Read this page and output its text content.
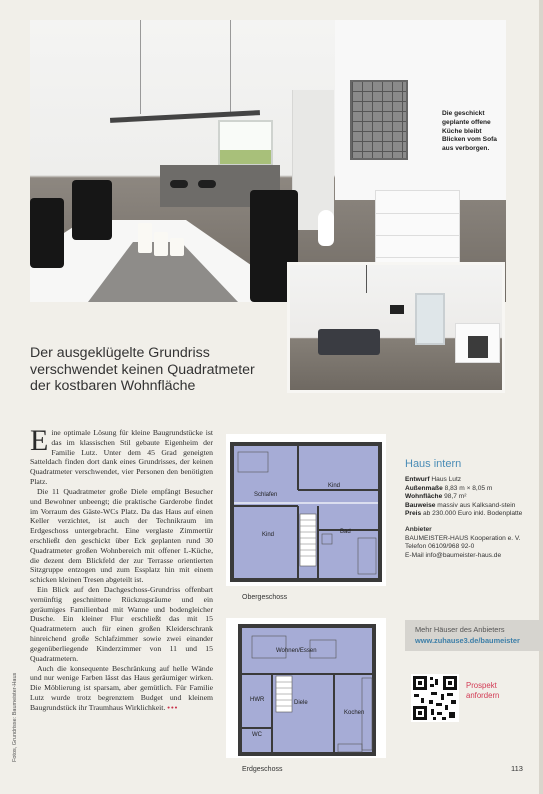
Die geschickt
geplante offene
Küche bleibt
Blicken vom Sofa
aus verborgen.
Der ausgeklügelte Grundriss
verschwendet keinen Quadratmeter
der kostbaren Wohnfläche

Eine optimale Lösung für kleine Baugrundstücke ist das im klassischen Stil gebaute Eigenheim der Familie Lutz. Unter dem 45 Grad geneigten Satteldach finden dort dank eines Grundrisses, der keinen Quadratmeter verschwendet, vier Personen den benötigten Platz.

Die 11 Quadratmeter große Diele empfängt Besucher und Bewohner unbeengt; die praktische Garderobe findet im Vorraum des Gäste-WCs Platz. Da das Haus auf einen Keller verzichtet, ist auch der Technikraum im Erdgeschoss untergebracht. Eine verglaste Zimmertür erschließt den geschickt über Eck geplanten rund 30 Quadratmeter großen Wohnbereich mit offener L-Küche, die dezent dem Blickfeld der zur Terrasse orientierten Sitzgruppe entzogen und zum Essplatz hin mit einem schicken kleinen Tresen abgeteilt ist.

Ein Blick auf den Dachgeschoss-Grundriss offenbart vernünftig geschnittene Rückzugsräume und ein geräumiges Familienbad mit Wanne und bodengleicher Dusche. Ein kleiner Flur erschließt das mit 15 Quadratmetern auch für einen großen Kleiderschrank hinreichend große Schlafzimmer sowie zwei einander gegenüberliegende Kinderzimmer von 11 und 15 Quadratmetern.

Auch die konsequente Beschränkung auf helle Wände und nur wenige Farben lässt das Haus geräumiger wirken. Die Möblierung ist sparsam, aber gemütlich. Für Familie Lutz wurde trotz begrenztem Budget und kleinem Baugrundstück ihr Traumhaus Wirklichkeit. •••

Fotos, Grundrisse: Baumeister-Haus
Kind
Schlafen
Kind	Bad
Obergeschoss
Wohnen/Essen
HWR	Diele
Kochen
WC
Erdgeschoss
Haus intern
Entwurf Haus Lutz
Außenmaße 8,83 m × 8,05 m
Wohnfläche 98,7 m²
Bauweise massiv aus Kalksand-stein
Preis ab 230.000 Euro inkl. Bodenplatte
Anbieter
BAUMEISTER-HAUS Kooperation e. V.
Telefon 06109/968 92-0
E-Mail info@baumeister-haus.de
Mehr Häuser des Anbieters
www.zuhause3.de/baumeister
Prospekt
anfordern
113
